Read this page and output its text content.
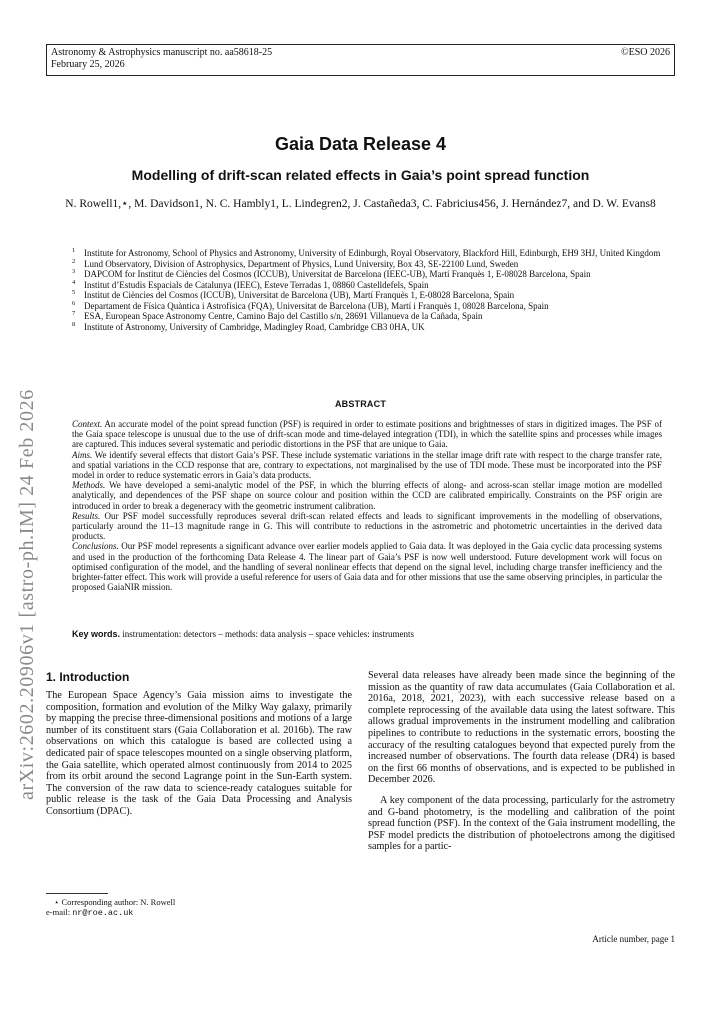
Astronomy & Astrophysics manuscript no. aa58618-25
February 25, 2026
©ESO 2026
arXiv:2602.20906v1 [astro-ph.IM] 24 Feb 2026
Gaia Data Release 4
Modelling of drift-scan related effects in Gaia’s point spread function
N. Rowell1,⋆, M. Davidson1, N. C. Hambly1, L. Lindegren2, J. Castañeda3, C. Fabricius456, J. Hernández7, and D. W. Evans8
1 Institute for Astronomy, School of Physics and Astronomy, University of Edinburgh, Royal Observatory, Blackford Hill, Edinburgh, EH9 3HJ, United Kingdom
2 Lund Observatory, Division of Astrophysics, Department of Physics, Lund University, Box 43, SE-22100 Lund, Sweden
3 DAPCOM for Institut de Ciències del Cosmos (ICCUB), Universitat de Barcelona (IEEC-UB), Martí Franquès 1, E-08028 Barcelona, Spain
4 Institut d’Estudis Espacials de Catalunya (IEEC), Esteve Terradas 1, 08860 Castelldefels, Spain
5 Institut de Ciències del Cosmos (ICCUB), Universitat de Barcelona (UB), Martí Franquès 1, E-08028 Barcelona, Spain
6 Departament de Física Quàntica i Astrofísica (FQA), Universitat de Barcelona (UB), Martí i Franquès 1, 08028 Barcelona, Spain
7 ESA, European Space Astronomy Centre, Camino Bajo del Castillo s/n, 28691 Villanueva de la Cañada, Spain
8 Institute of Astronomy, University of Cambridge, Madingley Road, Cambridge CB3 0HA, UK
ABSTRACT

Context. An accurate model of the point spread function (PSF) is required in order to estimate positions and brightnesses of stars in digitized images. The PSF of the Gaia space telescope is unusual due to the use of drift-scan mode and time-delayed integration (TDI), in which the satellite spins and processes while images are captured. This induces several systematic and periodic distortions in the PSF that are unique to Gaia.

Aims. We identify several effects that distort Gaia’s PSF. These include systematic variations in the stellar image drift rate with respect to the charge transfer rate, and spatial variations in the CCD response that are, contrary to expectations, not marginalised by the use of TDI mode. These must be incorporated into the PSF model in order to reduce systematic errors in Gaia’s data products.

Methods. We have developed a semi-analytic model of the PSF, in which the blurring effects of along- and across-scan stellar image motion are modelled analytically, and dependences of the PSF shape on source colour and position within the CCD are calibrated empirically. Constraints on the PSF origin are introduced in order to break a degeneracy with the geometric instrument calibration.

Results. Our PSF model successfully reproduces several drift-scan related effects and leads to significant improvements in the modelling of observations, particularly around the 11–13 magnitude range in G. This will contribute to reductions in the astrometric and photometric uncertainties in the derived data products.

Conclusions. Our PSF model represents a significant advance over earlier models applied to Gaia data. It was deployed in the Gaia cyclic data processing systems and used in the production of the forthcoming Data Release 4. The linear part of Gaia’s PSF is now well understood. Future development work will focus on optimised configuration of the model, and the handling of several nonlinear effects that depend on the signal level, including charge transfer inefficiency and the brighter-fatter effect. This work will provide a useful reference for users of Gaia data and for other missions that use the same observing principles, in particular the proposed GaiaNIR mission.

Key words. instrumentation: detectors – methods: data analysis – space vehicles: instruments
1. Introduction

The European Space Agency’s Gaia mission aims to investigate the composition, formation and evolution of the Milky Way galaxy, primarily by mapping the precise three-dimensional positions and motions of a large number of its constituent stars (Gaia Collaboration et al. 2016b). The raw observations on which this catalogue is based are collected using a dedicated pair of space telescopes mounted on a single observing platform, the Gaia satellite, which operated almost continuously from 2014 to 2025 from its orbit around the second Lagrange point in the Sun-Earth system. The conversion of the raw data to science-ready catalogues suitable for public release is the task of the Gaia Data Processing and Analysis Consortium (DPAC).

Several data releases have already been made since the beginning of the mission as the quantity of raw data accumulates (Gaia Collaboration et al. 2016a, 2018, 2021, 2023), with each successive release based on a complete reprocessing of the available data using the latest software. This allows gradual improvements in the instrument modelling and calibration pipelines to contribute to reductions in the systematic errors, boosting the accuracy of the resulting catalogues beyond that expected purely from the increased number of observations. The fourth data release (DR4) is based on the first 66 months of observations, and is expected to be published in December 2026.

A key component of the data processing, particularly for the astrometry and G-band photometry, is the modelling and calibration of the point spread function (PSF). In the context of the Gaia instrument modelling, the PSF model predicts the distribution of photoelectrons among the digitised samples for a partic-

⋆ Corresponding author: N. Rowell
e-mail: nr@roe.ac.uk
Article number, page 1
